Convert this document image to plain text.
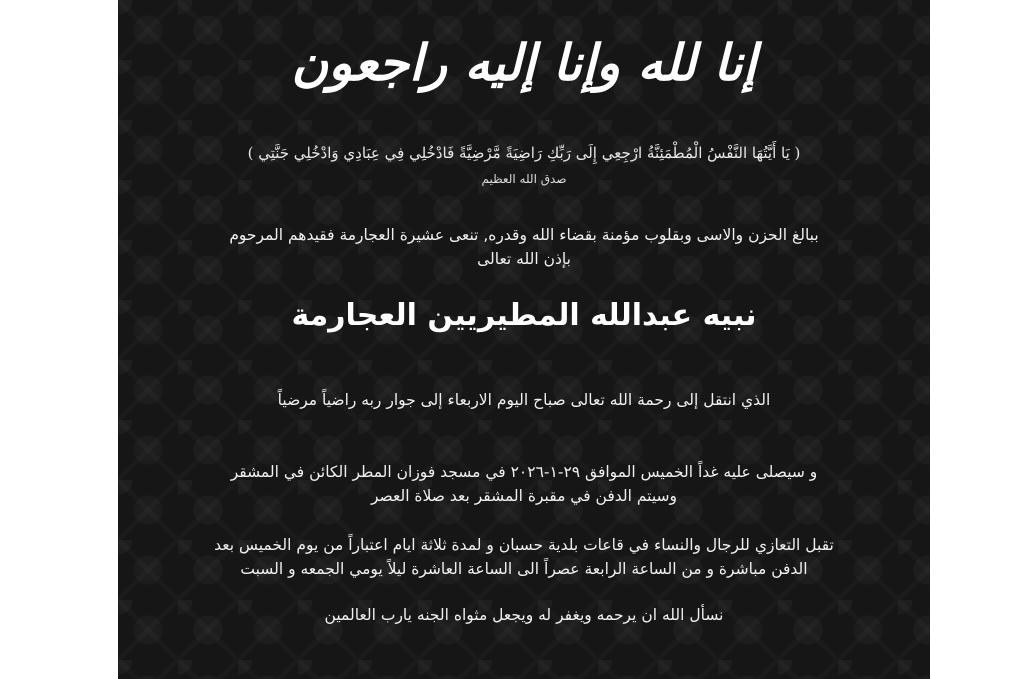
إنا لله وإنا إليه راجعون
( يَا أَيَّتُهَا النَّفْسُ الْمُطْمَئِنَّةُ ارْجِعِي إِلَى رَبِّكِ رَاضِيَةً مَّرْضِيَّةً فَادْخُلِي فِي عِبَادِي وَادْخُلِي جَنَّتِي )
صدق الله العظيم
ببالغ الحزن والاسى وبقلوب مؤمنة بقضاء الله وقدره, تنعى عشيرة العجارمة فقيدهم المرحوم
بإذن الله تعالى
نبيه عبدالله المطيريين العجارمة
الذي انتقل إلى رحمة الله تعالى صباح اليوم الاربعاء إلى جوار ربه راضياً مرضياً
و سيصلى عليه غداً الخميس الموافق ٢٩-١-٢٠٢٦ في مسجد فوزان المطر الكائن في المشقر
وسيتم الدفن في مقبرة المشقر بعد صلاة العصر
تقبل التعازي للرجال والنساء في قاعات بلدية حسبان و لمدة ثلاثة ايام اعتباراً من يوم الخميس بعد
الدفن مباشرة و من الساعة الرابعة عصراً الى الساعة العاشرة ليلاً يومي الجمعه و السبت
نسأل الله ان يرحمه ويغفر له ويجعل مثواه الجنه يارب العالمين
